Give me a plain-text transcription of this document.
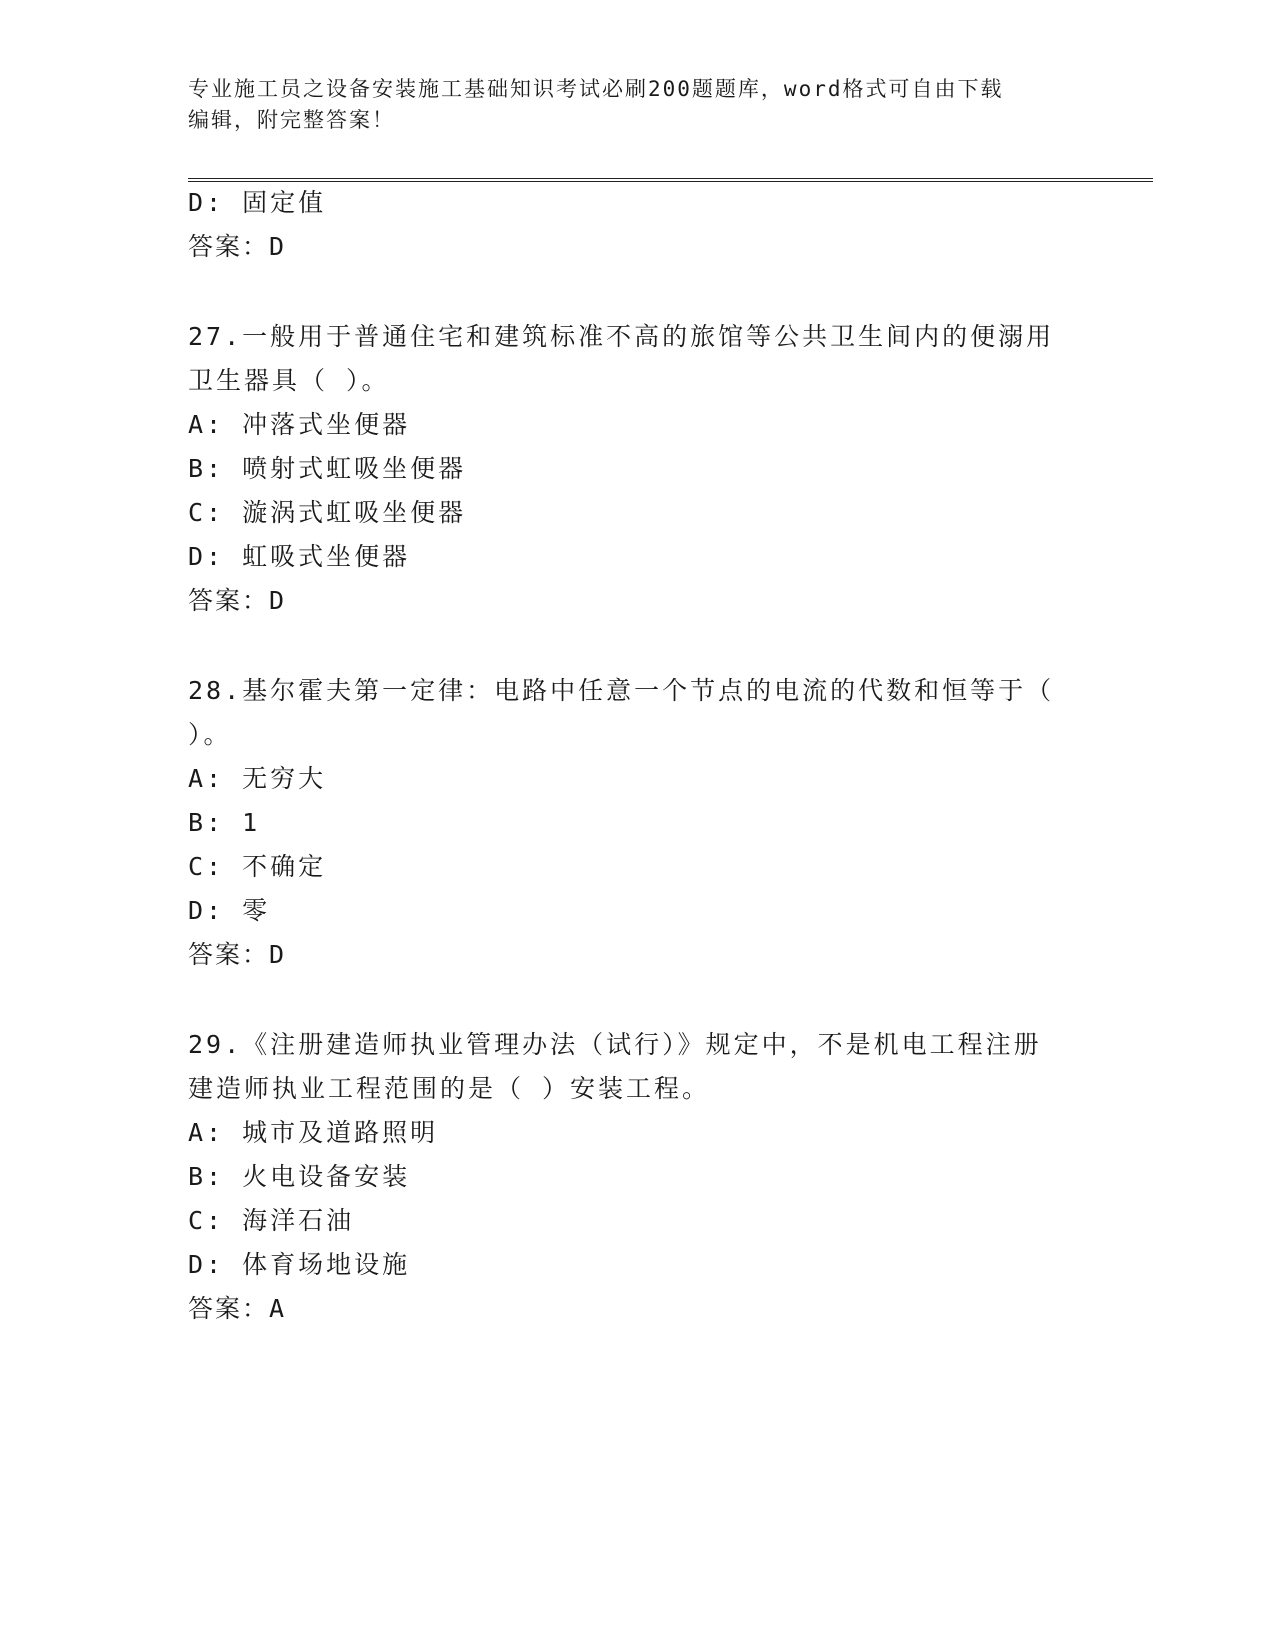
专业施工员之设备安装施工基础知识考试必刷200题题库，word格式可自由下载
编辑，附完整答案！
D: 固定值
答案：D
27.一般用于普通住宅和建筑标准不高的旅馆等公共卫生间内的便溺用
卫生器具（ ）。
A: 冲落式坐便器
B: 喷射式虹吸坐便器
C: 漩涡式虹吸坐便器
D: 虹吸式坐便器
答案：D
28.基尔霍夫第一定律：电路中任意一个节点的电流的代数和恒等于（
）。
A: 无穷大
B: 1
C: 不确定
D: 零
答案：D
29.《注册建造师执业管理办法（试行）》规定中，不是机电工程注册
建造师执业工程范围的是（ ）安装工程。
A: 城市及道路照明
B: 火电设备安装
C: 海洋石油
D: 体育场地设施
答案：A
